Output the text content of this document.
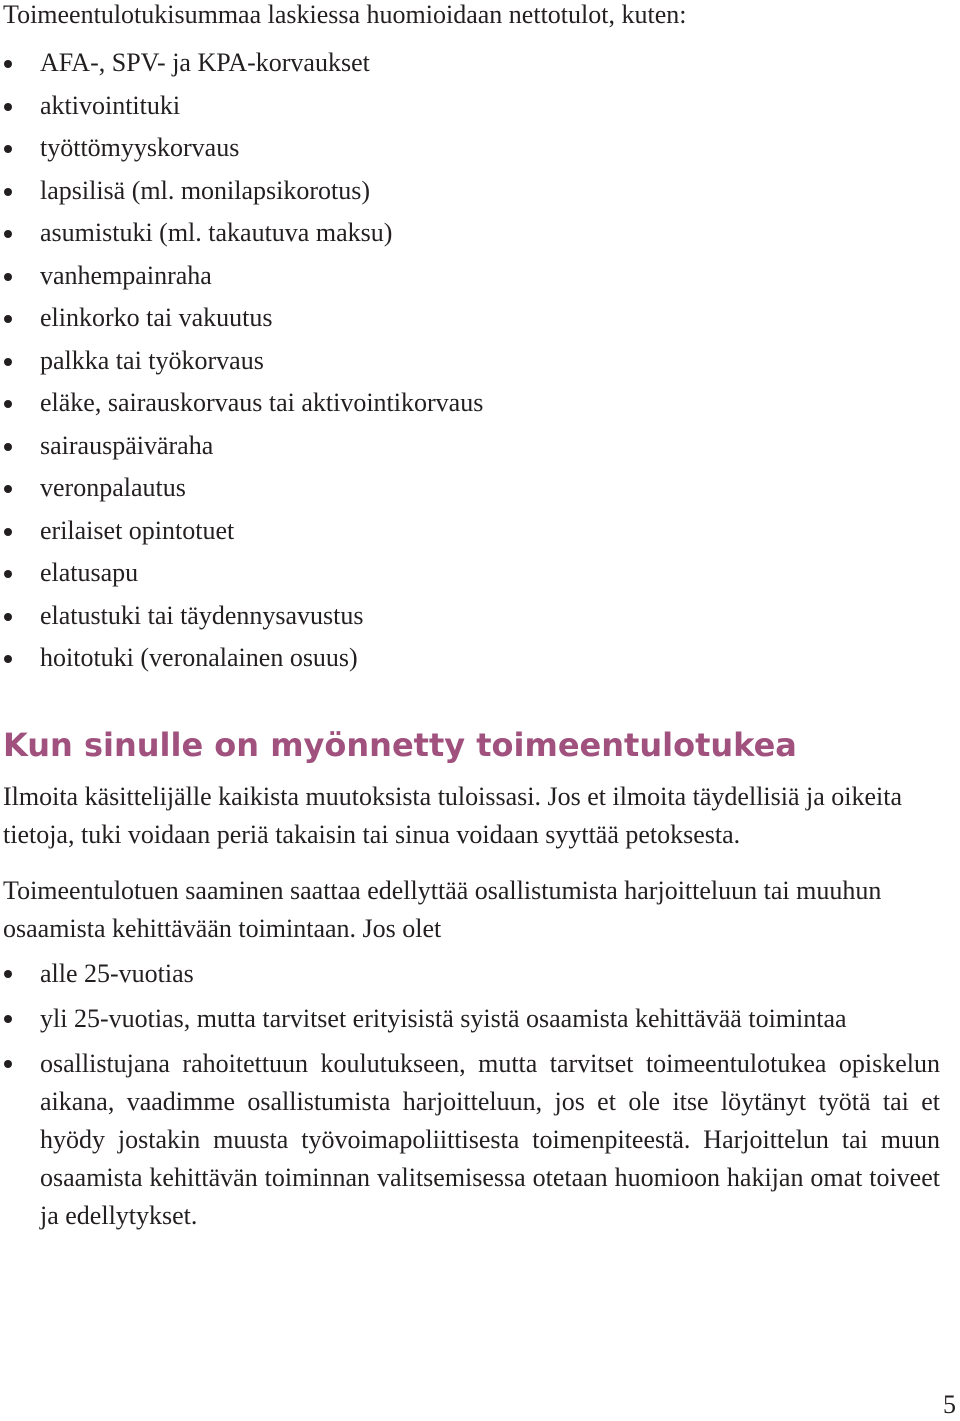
Toimeentulotukisummaa laskiessa huomioidaan nettotulot, kuten:

AFA-, SPV- ja KPA-korvaukset
aktivointituki
työttömyyskorvaus
lapsilisä (ml. monilapsikorotus)
asumistuki (ml. takautuva maksu)
vanhempainraha
elinkorko tai vakuutus
palkka tai työkorvaus
eläke, sairauskorvaus tai aktivointikorvaus
sairauspäiväraha
veronpalautus
erilaiset opintotuet
elatusapu
elatustuki tai täydennysavustus
hoitotuki (veronalainen osuus)
Kun sinulle on myönnetty toimeentulotukea

Ilmoita käsittelijälle kaikista muutoksista tuloissasi. Jos et ilmoita täydellisiä ja oikeita tietoja, tuki voidaan periä takaisin tai sinua voidaan syyttää petoksesta.

Toimeentulotuen saaminen saattaa edellyttää osallistumista harjoitteluun tai muuhun osaamista kehittävään toimintaan. Jos olet

alle 25-vuotias
yli 25-vuotias, mutta tarvitset erityisistä syistä osaamista kehittävää toimintaa
osallistujana rahoitettuun koulutukseen, mutta tarvitset toimeentulotukea opiskelun aikana, vaadimme osallistumista harjoitteluun, jos et ole itse löytänyt työtä tai et hyödy jostakin muusta työvoimapoliittisesta toimenpiteestä. Harjoittelun tai muun osaamista kehittävän toiminnan valitsemisessa otetaan huomioon hakijan omat toiveet ja edellytykset.
5
